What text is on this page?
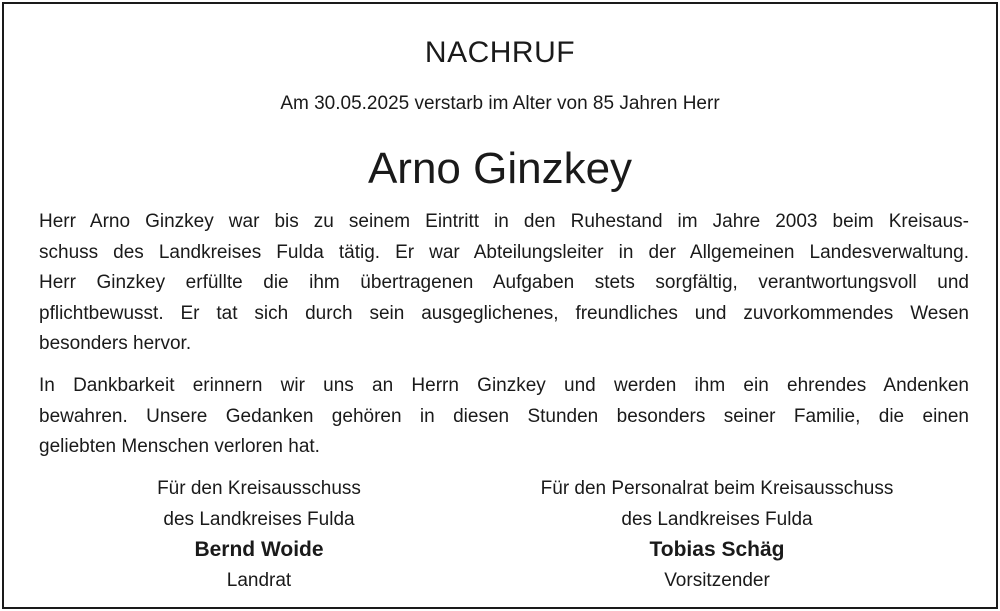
NACHRUF
Am 30.05.2025 verstarb im Alter von 85 Jahren Herr
Arno Ginzkey

Herr Arno Ginzkey war bis zu seinem Eintritt in den Ruhestand im Jahre 2003 beim Kreisaus-
schuss des Landkreises Fulda tätig. Er war Abteilungsleiter in der Allgemeinen Landesverwaltung.
Herr Ginzkey erfüllte die ihm übertragenen Aufgaben stets sorgfältig, verantwortungsvoll und
pflichtbewusst. Er tat sich durch sein ausgeglichenes, freundliches und zuvorkommendes Wesen
besonders hervor.

In Dankbarkeit erinnern wir uns an Herrn Ginzkey und werden ihm ein ehrendes Andenken
bewahren. Unsere Gedanken gehören in diesen Stunden besonders seiner Familie, die einen
geliebten Menschen verloren hat.

Für den Kreisausschuss
des Landkreises Fulda
Bernd Woide
Landrat
Für den Personalrat beim Kreisausschuss
des Landkreises Fulda
Tobias Schäg
Vorsitzender
